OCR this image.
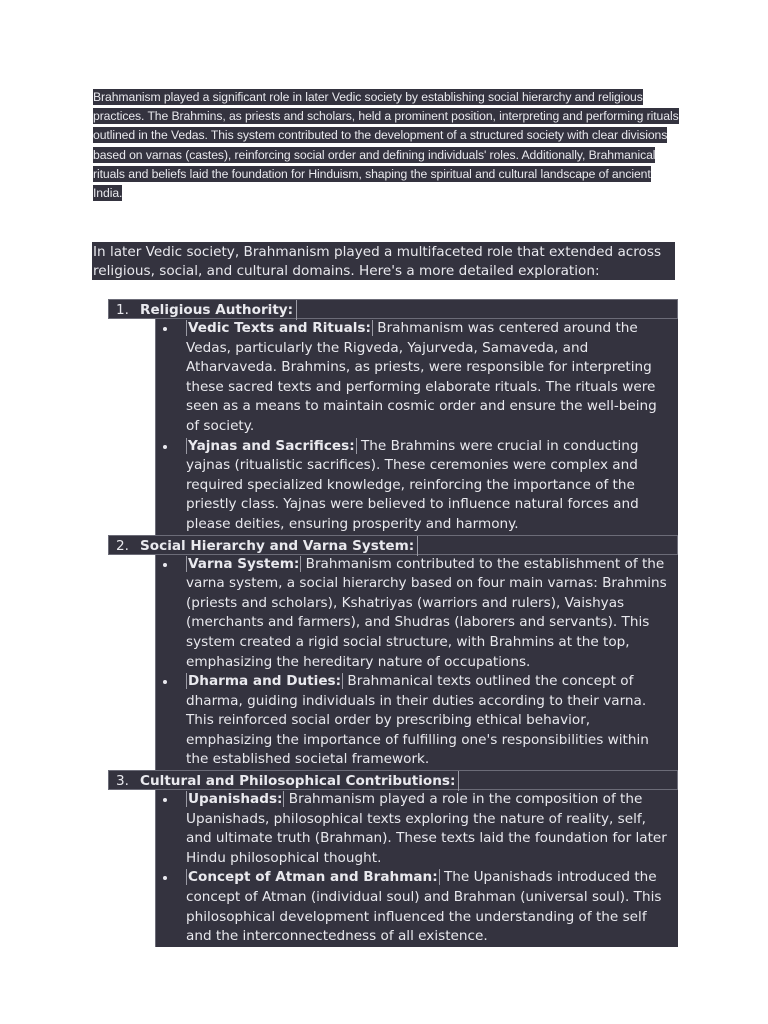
Brahmanism played a significant role in later Vedic society by establishing social hierarchy and religious practices. The Brahmins, as priests and scholars, held a prominent position, interpreting and performing rituals outlined in the Vedas. This system contributed to the development of a structured society with clear divisions based on varnas (castes), reinforcing social order and defining individuals' roles. Additionally, Brahmanical rituals and beliefs laid the foundation for Hinduism, shaping the spiritual and cultural landscape of ancient India.

In later Vedic society, Brahmanism played a multifaceted role that extended across religious, social, and cultural domains. Here's a more detailed exploration:

1. Religious Authority:
Vedic Texts and Rituals: Brahmanism was centered around the Vedas, particularly the Rigveda, Yajurveda, Samaveda, and Atharvaveda. Brahmins, as priests, were responsible for interpreting these sacred texts and performing elaborate rituals. The rituals were seen as a means to maintain cosmic order and ensure the well-being of society.
Yajnas and Sacrifices: The Brahmins were crucial in conducting yajnas (ritualistic sacrifices). These ceremonies were complex and required specialized knowledge, reinforcing the importance of the priestly class. Yajnas were believed to influence natural forces and please deities, ensuring prosperity and harmony.
2. Social Hierarchy and Varna System:
Varna System: Brahmanism contributed to the establishment of the varna system, a social hierarchy based on four main varnas: Brahmins (priests and scholars), Kshatriyas (warriors and rulers), Vaishyas (merchants and farmers), and Shudras (laborers and servants). This system created a rigid social structure, with Brahmins at the top, emphasizing the hereditary nature of occupations.
Dharma and Duties: Brahmanical texts outlined the concept of dharma, guiding individuals in their duties according to their varna. This reinforced social order by prescribing ethical behavior, emphasizing the importance of fulfilling one's responsibilities within the established societal framework.
3. Cultural and Philosophical Contributions:
Upanishads: Brahmanism played a role in the composition of the Upanishads, philosophical texts exploring the nature of reality, self, and ultimate truth (Brahman). These texts laid the foundation for later Hindu philosophical thought.
Concept of Atman and Brahman: The Upanishads introduced the concept of Atman (individual soul) and Brahman (universal soul). This philosophical development influenced the understanding of the self and the interconnectedness of all existence.
